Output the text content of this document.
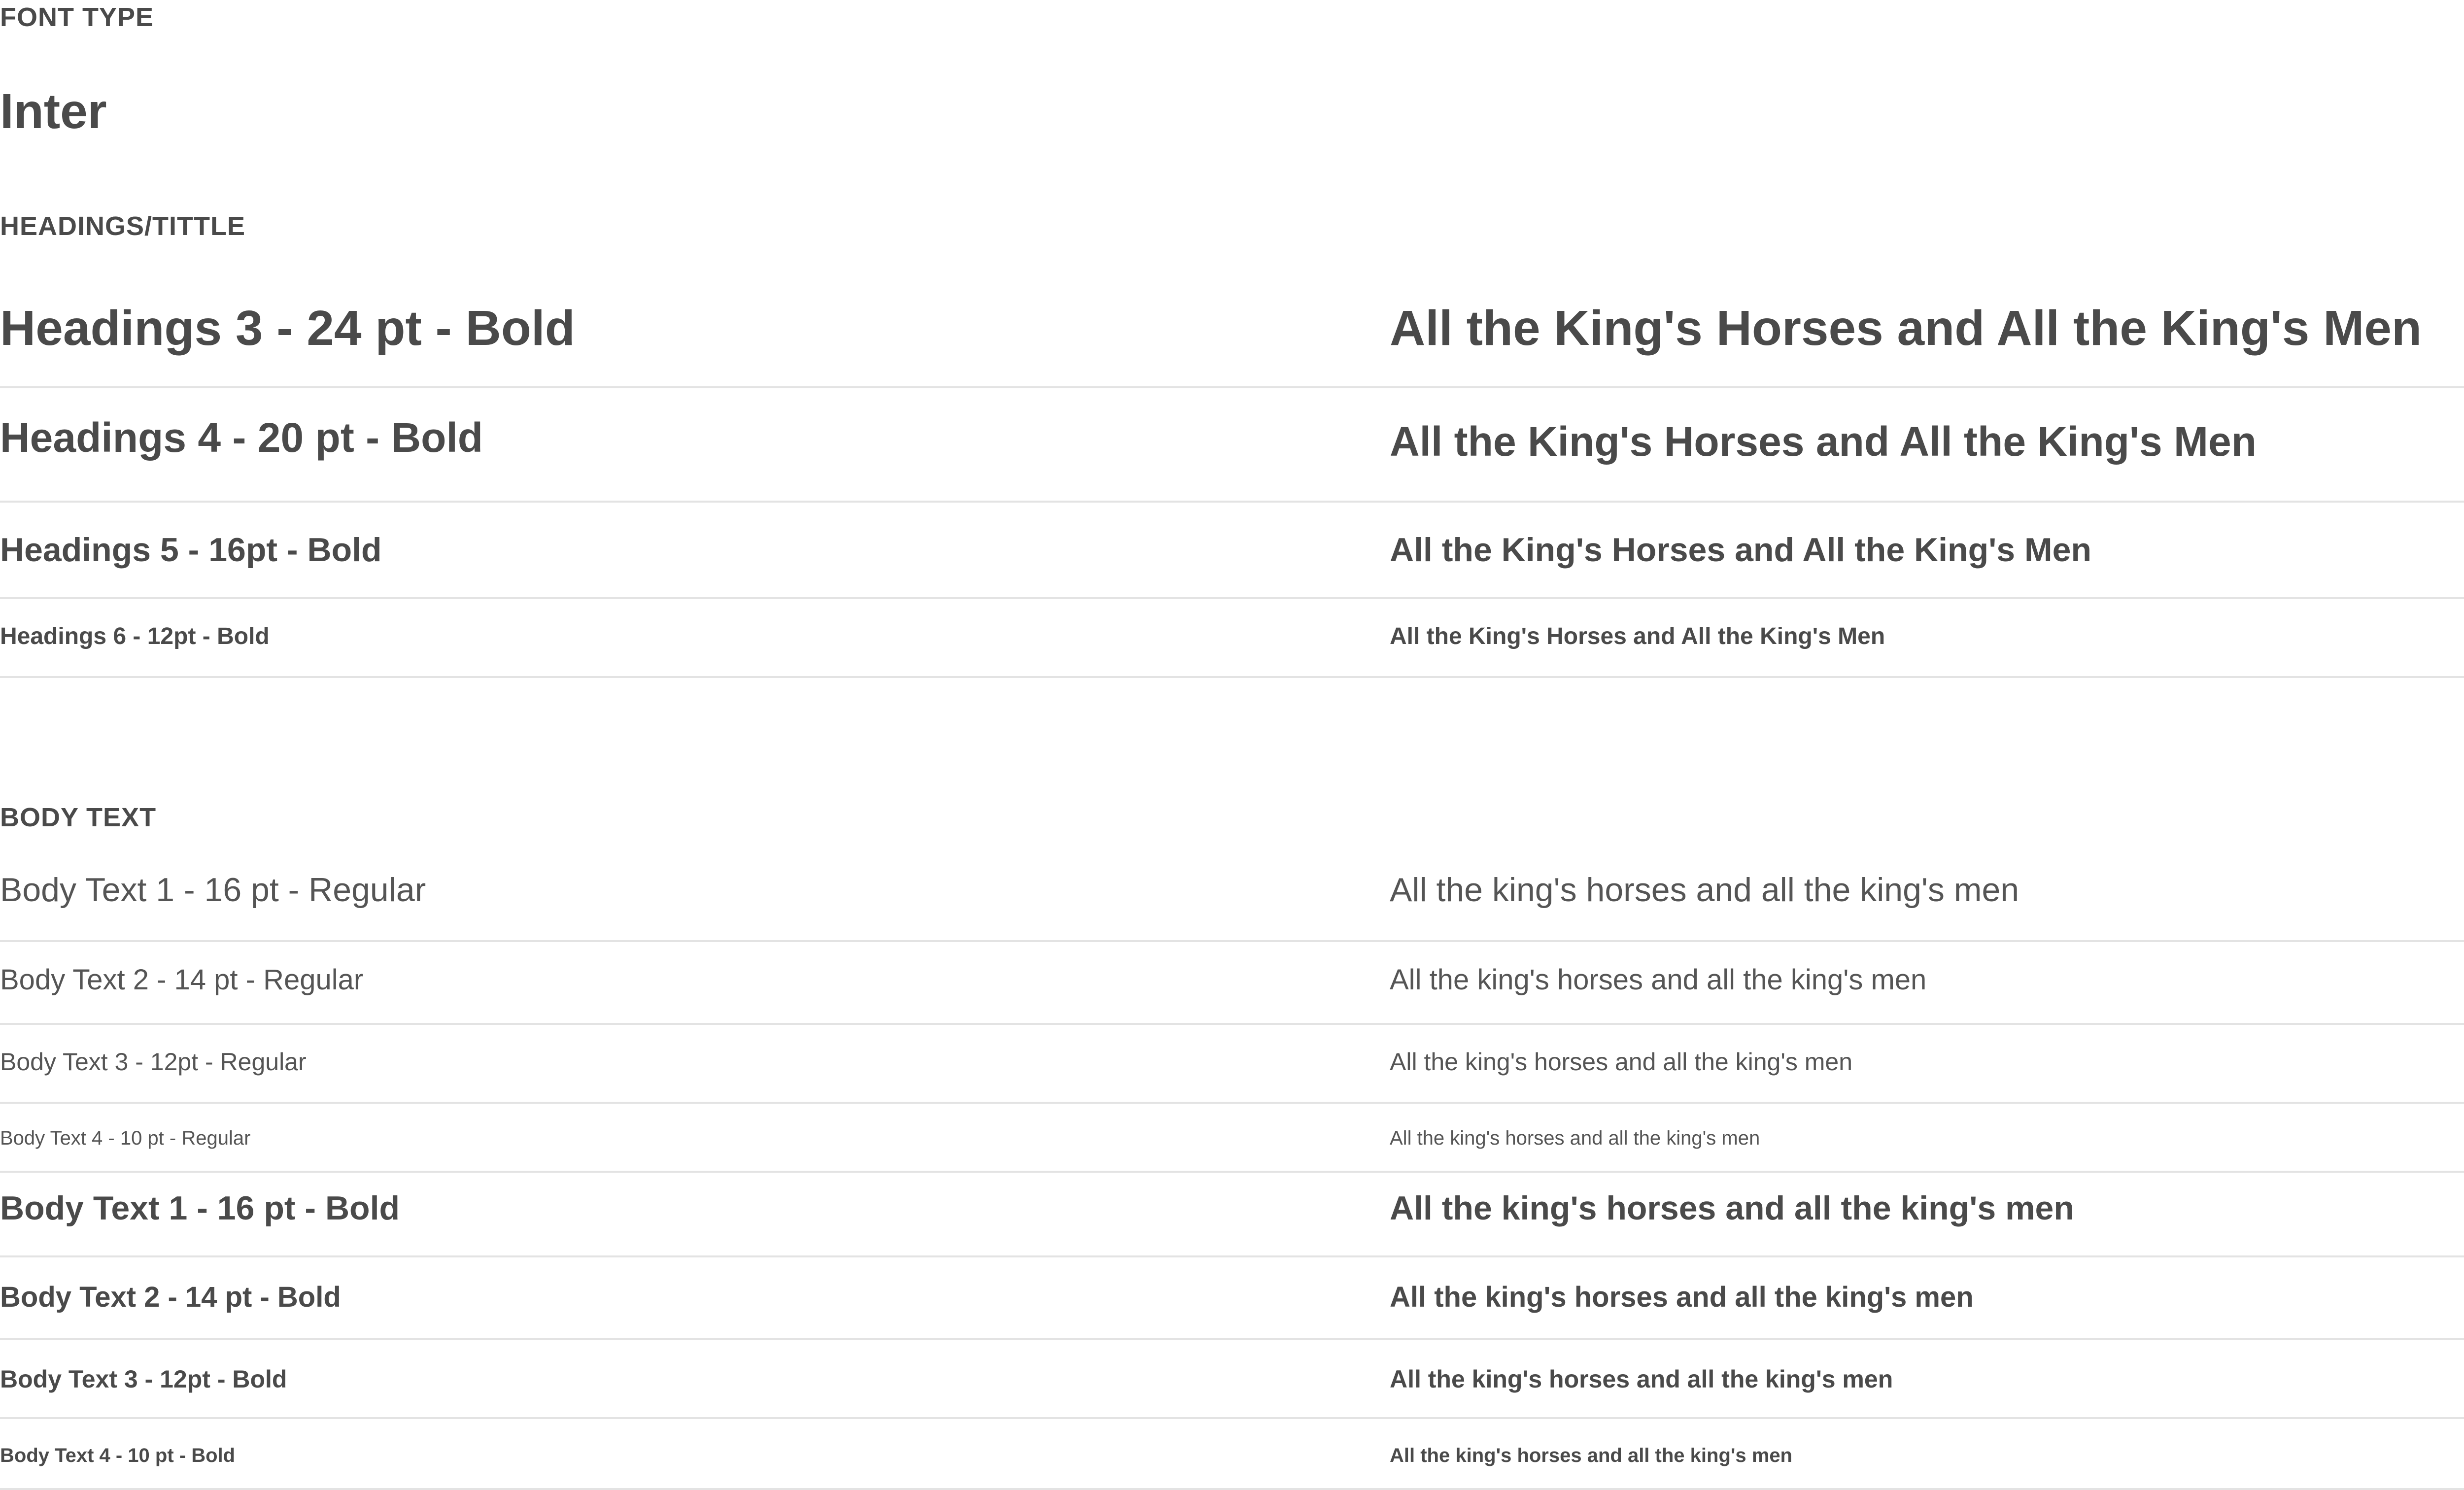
FONT TYPE
Inter
HEADINGS/TITTLE
Headings 3 - 24 pt - Bold	All the King's Horses and All the King's Men
Headings 4 - 20 pt - Bold	All the King's Horses and All the King's Men
Headings 5 - 16pt - Bold	All the King's Horses and All the King's Men
Headings 6 - 12pt - Bold	All the King's Horses and All the King's Men
BODY TEXT
Body Text 1 - 16 pt - Regular	All the king's horses and all the king's men
Body Text 2 - 14 pt - Regular	All the king's horses and all the king's men
Body Text 3 - 12pt - Regular	All the king's horses and all the king's men
Body Text 4 - 10 pt - Regular	All the king's horses and all the king's men
Body Text 1 - 16 pt - Bold	All the king's horses and all the king's men
Body Text 2 - 14 pt - Bold	All the king's horses and all the king's men
Body Text 3 - 12pt - Bold	All the king's horses and all the king's men
Body Text 4 - 10 pt - Bold	All the king's horses and all the king's men
